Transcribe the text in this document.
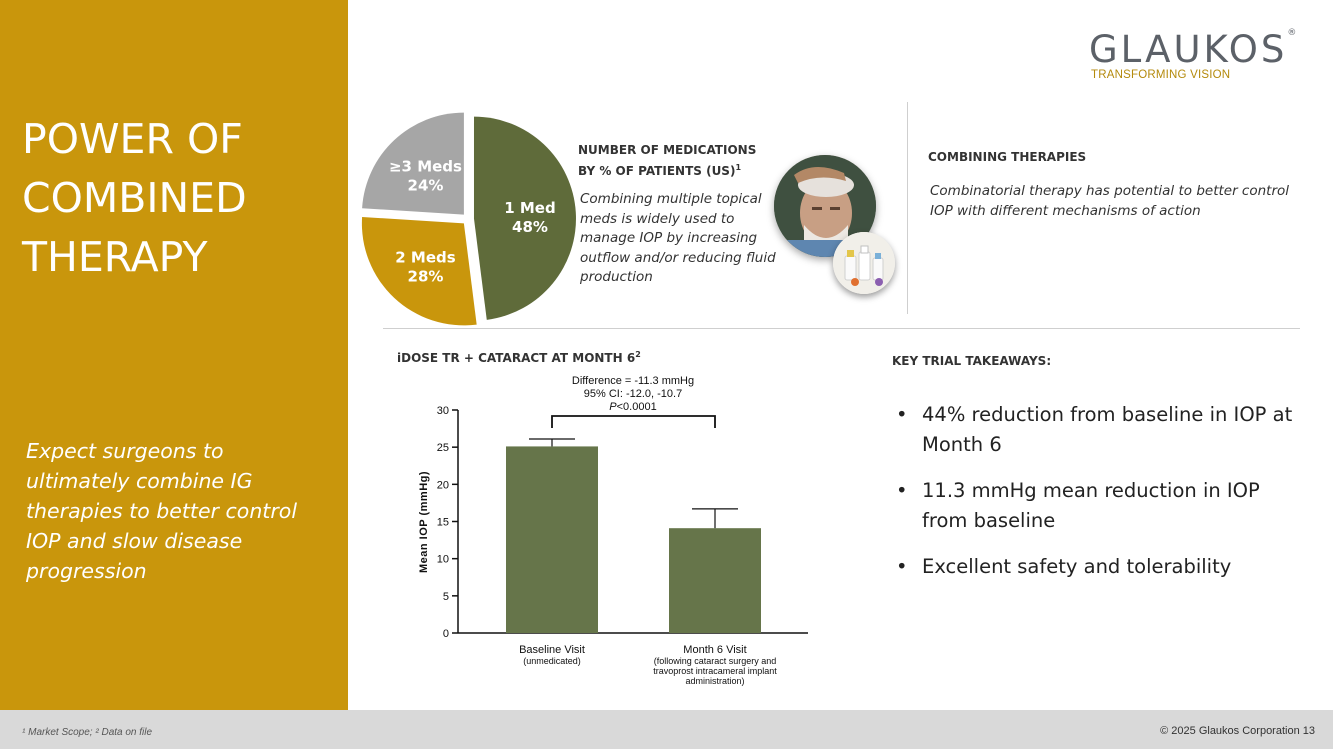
POWER OF
COMBINED
THERAPY
Expect surgeons to ultimately combine IG therapies to better control IOP and slow disease progression
GLAUKOS®
TRANSFORMING VISION
1 Med
48%
2 Meds
28%
≥3 Meds
24%
NUMBER OF MEDICATIONS
BY % OF PATIENTS (US)$^1$
Combining multiple topical meds is widely used to manage IOP by increasing outflow and/or reducing fluid production
COMBINING THERAPIES
Combinatorial therapy has potential to better control IOP with different mechanisms of action
iDOSE TR + CATARACT AT MONTH $6^2$
Difference = -11.3 mmHg
95% CI: -12.0, -10.7
P<0.0001
0
5
10
15
20
25
30
Baseline Visit
(unmedicated)
Month 6 Visit
(following cataract surgery and
travoprost intracameral implant
administration)
Mean IOP (mmHg)
KEY TRIAL TAKEAWAYS:
• 44% reduction from baseline in IOP at Month 6
• 11.3 mmHg mean reduction in IOP from baseline
• Excellent safety and tolerability
¹ Market Scope; ² Data on file	© 2025 Glaukos Corporation 13
